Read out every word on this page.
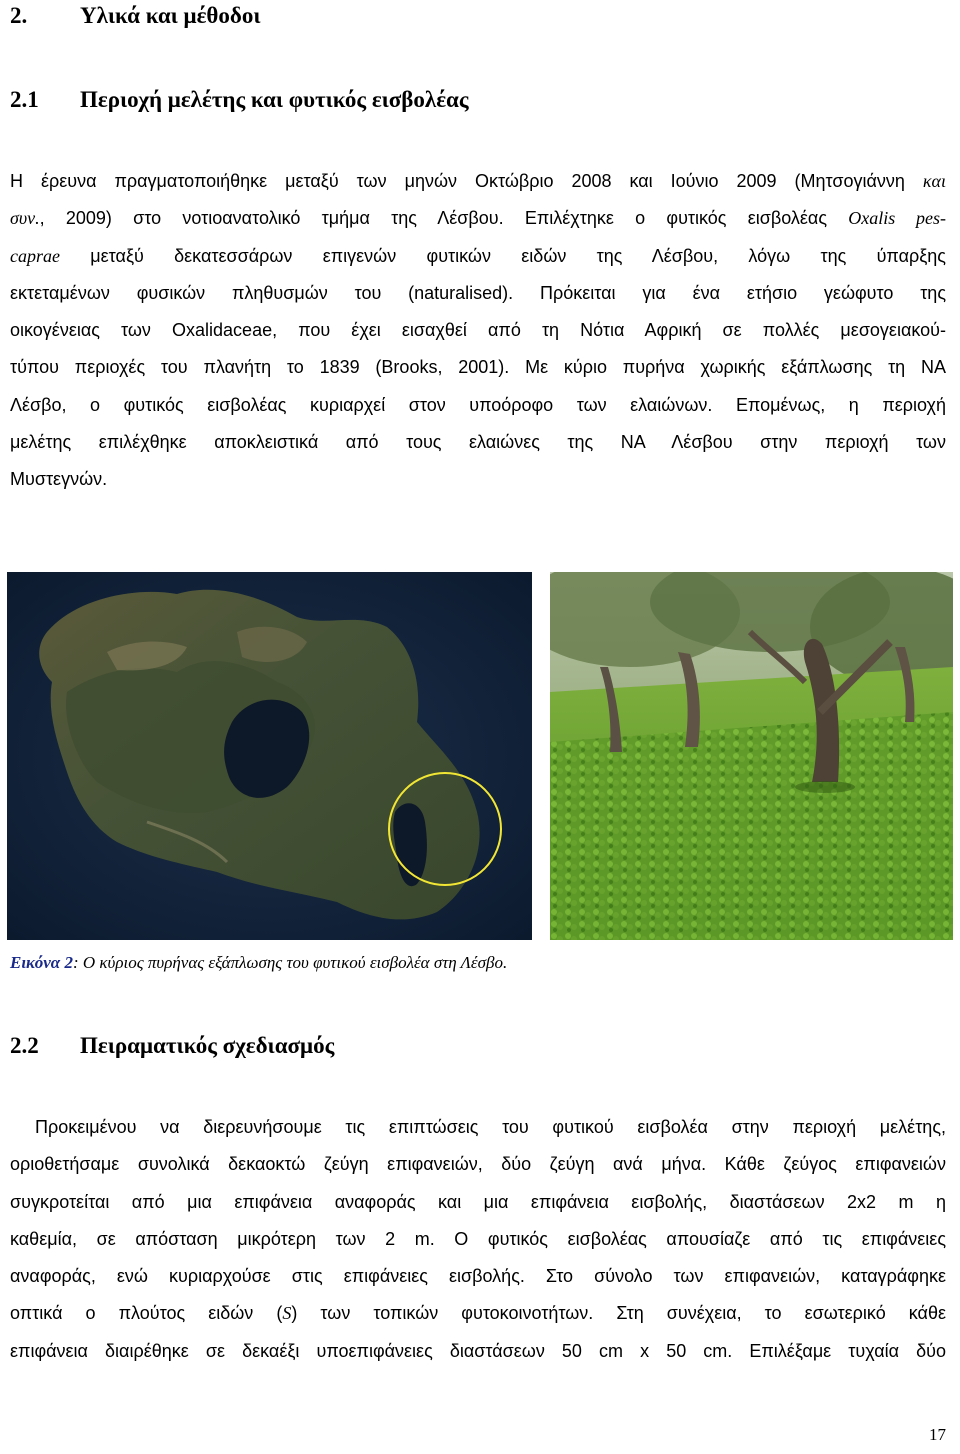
2. Υλικά και μέθοδοι
2.1 Περιοχή μελέτης και φυτικός εισβολέας
Η έρευνα πραγματοποιήθηκε μεταξύ των μηνών Οκτώβριο 2008 και Ιούνιο 2009 (Μητσογιάννη και
συν., 2009) στο νοτιοανατολικό τμήμα της Λέσβου. Επιλέχτηκε ο φυτικός εισβολέας Oxalis pes-
caprae μεταξύ δεκατεσσάρων επιγενών φυτικών ειδών της Λέσβου, λόγω της ύπαρξης
εκτεταμένων φυσικών πληθυσμών του (naturalised). Πρόκειται για ένα ετήσιο γεώφυτο της
οικογένειας των Oxalidaceae, που έχει εισαχθεί από τη Νότια Αφρική σε πολλές μεσογειακού-
τύπου περιοχές του πλανήτη το 1839 (Brooks, 2001). Με κύριο πυρήνα χωρικής εξάπλωσης τη ΝΑ
Λέσβο, ο φυτικός εισβολέας κυριαρχεί στον υποόροφο των ελαιώνων. Επομένως, η περιοχή
μελέτης επιλέχθηκε αποκλειστικά από τους ελαιώνες της ΝΑ Λέσβου στην περιοχή των
Μυστεγνών.

Εικόνα 2: Ο κύριος πυρήνας εξάπλωσης του φυτικού εισβολέα στη Λέσβο.

2.2 Πειραματικός σχεδιασμός
Προκειμένου να διερευνήσουμε τις επιπτώσεις του φυτικού εισβολέα στην περιοχή μελέτης,
οριοθετήσαμε συνολικά δεκαοκτώ ζεύγη επιφανειών, δύο ζεύγη ανά μήνα. Κάθε ζεύγος επιφανειών
συγκροτείται από μια επιφάνεια αναφοράς και μια επιφάνεια εισβολής, διαστάσεων 2x2 m η
καθεμία, σε απόσταση μικρότερη των 2 m. Ο φυτικός εισβολέας απουσίαζε από τις επιφάνειες
αναφοράς, ενώ κυριαρχούσε στις επιφάνειες εισβολής. Στο σύνολο των επιφανειών, καταγράφηκε
οπτικά ο πλούτος ειδών (S) των τοπικών φυτοκοινοτήτων. Στη συνέχεια, το εσωτερικό κάθε
επιφάνεια διαιρέθηκε σε δεκαέξι υποεπιφάνειες διαστάσεων 50 cm x 50 cm. Επιλέξαμε τυχαία δύο
17
